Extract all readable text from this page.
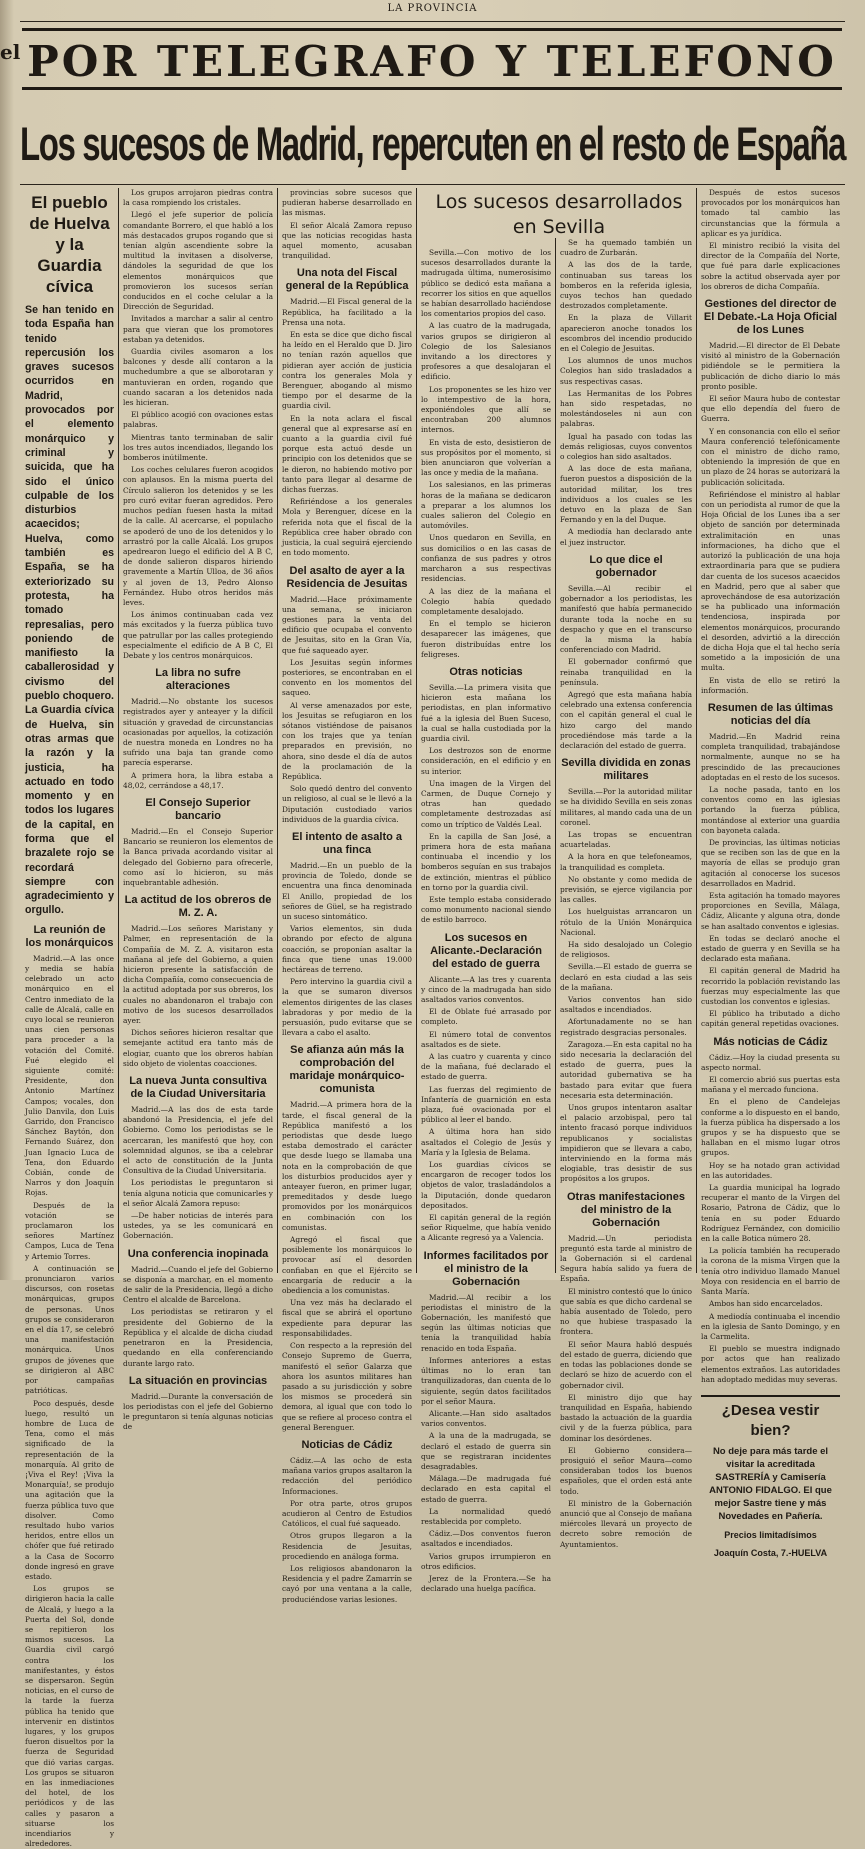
LA PROVINCIA
el POR TELEGRAFO Y TELEFONO
Los sucesos de Madrid, repercuten en el resto de España
El pueblo de Huelva y la Guardia cívica

Se han tenido en toda España han tenido repercusión los graves sucesos ocurridos en Madrid, provocados por el elemento monárquico y criminal y suicida, que ha sido el único culpable de los disturbios acaecidos; Huelva, como también es España, se ha exteriorizado su protesta, ha tomado represalias, pero poniendo de manifiesto la caballerosidad y civismo del pueblo choquero. La Guardia cívica de Huelva, sin otras armas que la razón y la justicia, ha actuado en todo momento y en todos los lugares de la capital, en forma que el brazalete rojo se recordará siempre con agradecimiento y orgullo.

La reunión de los monárquicos

Madrid.—A las once y media se había celebrado un acto monárquico en el Centro inmediato de la calle de Alcalá, calle en cuyo local se reunieron unas cien personas para proceder a la votación del Comité. Fué elegido el siguiente comité: Presidente, don Antonio Martínez Campos; vocales, don Julio Danvila, don Luis Garrido, don Francisco Sánchez Baytón, don Fernando Suárez, don Juan Ignacio Luca de Tena, don Eduardo Cobián, conde de Narros y don Joaquín Rojas.

Después de la votación se proclamaron los señores Martínez Campos, Luca de Tena y Artemio Torres.

A continuación se pronunciaron varios discursos, con rosetas monárquicas, grupos de personas. Unos grupos se consideraron en el día 17, se celebró una manifestación monárquica. Unos grupos de jóvenes que se dirigieron al ABC por campañas patrióticas.

Poco después, desde luego, resultó un hombre de Luca de Tena, como el más significado de la representación de la monarquía. Al grito de ¡Viva el Rey! ¡Viva la Monarquía!, se produjo una agitación que la fuerza pública tuvo que disolver. Como resultado hubo varios heridos, entre ellos un chófer que fué retirado a la Casa de Socorro donde ingresó en grave estado.

Los grupos se dirigieron hacia la calle de Alcalá, y luego a la Puerta del Sol, donde se repitieron los mismos sucesos. La Guardia civil cargó contra los manifestantes, y éstos se dispersaron. Según noticias, en el curso de la tarde la fuerza pública ha tenido que intervenir en distintos lugares, y los grupos fueron disueltos por la fuerza de Seguridad que dió varias cargas. Los grupos se situaron en las inmediaciones del hotel, de los periódicos y de las calles y pasaron a situarse los incendiarios y alrededores.

Los grupos arrojaron piedras contra la casa rompiendo los cristales.

Llegó el jefe superior de policía comandante Borrero, el que habló a los más destacados grupos rogando que si tenían algún ascendiente sobre la multitud la invitasen a disolverse, dándoles la seguridad de que los elementos monárquicos que promovieron los sucesos serían conducidos en el coche celular a la Dirección de Seguridad.

Invitados a marchar a salir al centro para que vieran que los promotores estaban ya detenidos.

Guardia civiles asomaron a los balcones y desde allí contaron a la muchedumbre a que se alborotaran y mantuvieran en orden, rogando que cuando sacaran a los detenidos nada les hicieran.

El público acogió con ovaciones estas palabras.

Mientras tanto terminaban de salir los tres autos incendiados, llegando los bomberos inútilmente.

Los coches celulares fueron acogidos con aplausos. En la misma puerta del Círculo salieron los detenidos y se les pro curó evitar fueran agredidos. Pero muchos pedían fuesen hasta la mitad de la calle. Al acercarse, el populacho se apoderó de uno de los detenidos y lo arrastró por la calle Alcalá. Los grupos apedrearon luego el edificio del A B C, de donde salieron disparos hiriendo gravemente a Martín Ulloa, de 36 años y al joven de 13, Pedro Alonso Fernández. Hubo otros heridos más leves.

Los ánimos continuaban cada vez más excitados y la fuerza pública tuvo que patrullar por las calles protegiendo especialmente el edificio de A B C, El Debate y los centros monárquicos.

La libra no sufre alteraciones

Madrid.—No obstante los sucesos registrados ayer y anteayer y la difícil situación y gravedad de circunstancias ocasionadas por aquellos, la cotización de nuestra moneda en Londres no ha sufrido una baja tan grande como parecía esperarse.

A primera hora, la libra estaba a 48,02, cerrándose a 48,17.

El Consejo Superior bancario

Madrid.—En el Consejo Superior Bancario se reunieron los elementos de la Banca privada acordando visitar al delegado del Gobierno para ofrecerle, como así lo hicieron, su más inquebrantable adhesión.

La actitud de los obreros de M. Z. A.

Madrid.—Los señores Maristany y Palmer, en representación de la Compañía de M. Z. A. visitaron esta mañana al jefe del Gobierno, a quien hicieron presente la satisfacción de dicha Compañía, como consecuencia de la actitud adoptada por sus obreros, los cuales no abandonaron el trabajo con motivo de los sucesos desarrollados ayer.

Dichos señores hicieron resaltar que semejante actitud era tanto más de elogiar, cuanto que los obreros habían sido objeto de violentas coacciones.

La nueva Junta consultiva de la Ciudad Universitaria

Madrid.—A las dos de esta tarde abandonó la Presidencia, el jefe del Gobierno. Como los periodistas se le acercaran, les manifestó que hoy, con solemnidad algunos, se iba a celebrar el acto de constitución de la Junta Consultiva de la Ciudad Universitaria.

Los periodistas le preguntaron si tenía alguna noticia que comunicarles y el señor Alcalá Zamora repuso:

—De haber noticias de interés para ustedes, ya se les comunicará en Gobernación.

Una conferencia inopinada

Madrid.—Cuando el jefe del Gobierno se disponía a marchar, en el momento de salir de la Presidencia, llegó a dicho Centro el alcalde de Barcelona.

Los periodistas se retiraron y el presidente del Gobierno de la República y el alcalde de dicha ciudad penetraron en la Presidencia, quedando en ella conferenciando durante largo rato.

La situación en provincias

Madrid.—Durante la conversación de los periodistas con el jefe del Gobierno le preguntaron si tenía algunas noticias de

provincias sobre sucesos que pudieran haberse desarrollado en las mismas.

El señor Alcalá Zamora repuso que las noticias recogidas hasta aquel momento, acusaban tranquilidad.

Una nota del Fiscal general de la República

Madrid.—El Fiscal general de la República, ha facilitado a la Prensa una nota.

En esta se dice que dicho fiscal ha leído en el Heraldo que D. Jiro no tenían razón aquellos que pidieran ayer acción de justicia contra los generales Mola y Berenguer, abogando al mismo tiempo por el desarme de la guardia civil.

En la nota aclara el fiscal general que al expresarse así en cuanto a la guardia civil fué porque esta actuó desde un principio con los detenidos que se le dieron, no habiendo motivo por tanto para llegar al desarme de dichas fuerzas.

Refiriéndose a los generales Mola y Berenguer, dícese en la referida nota que el fiscal de la República cree haber obrado con justicia, la cual seguirá ejerciendo en todo momento.

Del asalto de ayer a la Residencia de Jesuitas

Madrid.—Hace próximamente una semana, se iniciaron gestiones para la venta del edificio que ocupaba el convento de Jesuitas, sito en la Gran Vía, que fué saqueado ayer.

Los Jesuitas según informes posteriores, se encontraban en el convento en los momentos del saqueo.

Al verse amenazados por este, los Jesuitas se refugiaron en los sótanos vistiéndose de paisanos con los trajes que ya tenían preparados en previsión, no ahora, sino desde el día de autos de la proclamación de la República.

Solo quedó dentro del convento un religioso, al cual se le llevó a la Diputación custodiado varios individuos de la guardia cívica.

El intento de asalto a una finca

Madrid.—En un pueblo de la provincia de Toledo, donde se encuentra una finca denominada El Anillo, propiedad de los señores de Güel, se ha registrado un suceso sintomático.

Varios elementos, sin duda obrando por efecto de alguna coacción, se proponían asaltar la finca que tiene unas 19.000 hectáreas de terreno.

Pero intervino la guardia civil a la que se sumaron diversos elementos dirigentes de las clases labradoras y por medio de la persuasión, pudo evitarse que se llevara a cabo el asalto.

Se afianza aún más la comprobación del maridaje monárquico-comunista

Madrid.—A primera hora de la tarde, el fiscal general de la República manifestó a los periodistas que desde luego estaba demostrado el carácter que desde luego se llamaba una nota en la comprobación de que los disturbios producidos ayer y anteayer fueron, en primer lugar, premeditados y desde luego promovidos por los monárquicos en combinación con los comunistas.

Agregó el fiscal que posiblemente los monárquicos lo provocar así el desorden confiaban en que el Ejército se encargaría de reducir a la obediencia a los comunistas.

Una vez más ha declarado el fiscal que se abrirá el oportuno expediente para depurar las responsabilidades.

Con respecto a la represión del Consejo Supremo de Guerra, manifestó el señor Galarza que ahora los asuntos militares han pasado a su jurisdicción y sobre los mismos se procederá sin demora, al igual que con todo lo que se refiere al proceso contra el general Berenguer.

Noticias de Cádiz

Cádiz.—A las ocho de esta mañana varios grupos asaltaron la redacción del periódico Informaciones.

Por otra parte, otros grupos acudieron al Centro de Estudios Católicos, el cual fué saqueado.

Otros grupos llegaron a la Residencia de Jesuitas, procediendo en análoga forma.

Los religiosos abandonaron la Residencia y el padre Zamarrín se cayó por una ventana a la calle, produciéndose varias lesiones.

Los sucesos desarrollados en Sevilla

Sevilla.—Con motivo de los sucesos desarrollados durante la madrugada última, numerosísimo público se dedicó esta mañana a recorrer los sitios en que aquellos se habían desarrollado haciéndose los comentarios propios del caso.

A las cuatro de la madrugada, varios grupos se dirigieron al Colegio de los Salesianos invitando a los directores y profesores a que desalojaran el edificio.

Los proponentes se les hizo ver lo intempestivo de la hora, exponiéndoles que allí se encontraban 200 alumnos internos.

En vista de esto, desistieron de sus propósitos por el momento, si bien anunciaron que volverían a las once y media de la mañana.

Los salesianos, en las primeras horas de la mañana se dedicaron a preparar a los alumnos los cuales salieron del Colegio en automóviles.

Unos quedaron en Sevilla, en sus domicilios o en las casas de confianza de sus padres y otros marcharon a sus respectivas residencias.

A las diez de la mañana el Colegio había quedado completamente desalojado.

En el templo se hicieron desaparecer las imágenes, que fueron distribuídas entre los feligreses.

Otras noticias

Sevilla.—La primera visita que hicieron esta mañana los periodistas, en plan informativo fué a la iglesia del Buen Suceso, la cual se halla custodiada por la guardia civil.

Los destrozos son de enorme consideración, en el edificio y en su interior.

Una imagen de la Virgen del Carmen, de Duque Cornejo y otras han quedado completamente destrozadas así como un tríptico de Valdés Leal.

En la capilla de San José, a primera hora de esta mañana continuaba el incendio y los bomberos seguían en sus trabajos de extinción, mientras el público en torno por la guardia civil.

Este templo estaba considerado como monumento nacional siendo de estilo barroco.

Los sucesos en Alicante.-Declaración del estado de guerra

Alicante.—A las tres y cuarenta y cinco de la madrugada han sido asaltados varios conventos.

El de Oblate fué arrasado por completo.

El número total de conventos asaltados es de siete.

A las cuatro y cuarenta y cinco de la mañana, fué declarado el estado de guerra.

Las fuerzas del regimiento de Infantería de guarnición en esta plaza, fué ovacionada por el público al leer el bando.

A última hora han sido asaltados el Colegio de Jesús y María y la Iglesia de Belama.

Los guardias cívicos se encargaron de recoger todos los objetos de valor, trasladándolos a la Diputación, donde quedaron depositados.

El capitán general de la región señor Riquelme, que había venido a Alicante regresó ya a Valencia.

Informes facilitados por el ministro de la Gobernación

Madrid.—Al recibir a los periodistas el ministro de la Gobernación, les manifestó que según las últimas noticias que tenía la tranquilidad había renacido en toda España.

Informes anteriores a estas últimas no lo eran tan tranquilizadoras, dan cuenta de lo siguiente, según datos facilitados por el señor Maura.

Alicante.—Han sido asaltados varios conventos.

A la una de la madrugada, se declaró el estado de guerra sin que se registraran incidentes desagradables.

Málaga.—De madrugada fué declarado en esta capital el estado de guerra.

La normalidad quedó restablecida por completo.

Cádiz.—Dos conventos fueron asaltados e incendiados.

Varios grupos irrumpieron en otros edificios.

Jerez de la Frontera.—Se ha declarado una huelga pacífica.

Se ha quemado también un cuadro de Zurbarán.

A las dos de la tarde, continuaban sus tareas los bomberos en la referida iglesia, cuyos techos han quedado destrozados completamente.

En la plaza de Villarit aparecieron anoche tonados los escombros del incendio producido en el Colegio de Jesuitas.

Los alumnos de unos muchos Colegios han sido trasladados a sus respectivas casas.

Las Hermanitas de los Pobres han sido respetadas, no molestándoseles ni aun con palabras.

Igual ha pasado con todas las demás religiosas, cuyos conventos o colegios han sido asaltados.

A las doce de esta mañana, fueron puestos a disposición de la autoridad militar, los tres individuos a los cuales se les detuvo en la plaza de San Fernando y en la del Duque.

A mediodía han declarado ante el juez instructor.

Lo que dice el gobernador

Sevilla.—Al recibir el gobernador a los periodistas, les manifestó que había permanecido durante toda la noche en su despacho y que en el transcurso de la misma la había conferenciado con Madrid.

El gobernador confirmó que reinaba tranquilidad en la península.

Agregó que esta mañana había celebrado una extensa conferencia con el capitán general el cual le hizo cargo del mando procediéndose más tarde a la declaración del estado de guerra.

Sevilla dividida en zonas militares

Sevilla.—Por la autoridad militar se ha dividido Sevilla en seis zonas militares, al mando cada una de un coronel.

Las tropas se encuentran acuarteladas.

A la hora en que telefoneamos, la tranquilidad es completa.

No obstante y como medida de previsión, se ejerce vigilancia por las calles.

Los huelguistas arrancaron un rótulo de la Unión Monárquica Nacional.

Ha sido desalojado un Colegio de religiosos.

Sevilla.—El estado de guerra se declaró en esta ciudad a las seis de la mañana.

Varios conventos han sido asaltados e incendiados.

Afortunadamente no se han registrado desgracias personales.

Zaragoza.—En esta capital no ha sido necesaria la declaración del estado de guerra, pues la autoridad gubernativa se ha bastado para evitar que fuera necesaria esta determinación.

Unos grupos intentaron asaltar el palacio arzobispal, pero tal intento fracasó porque individuos republicanos y socialistas impidieron que se llevara a cabo, interviniendo en la forma más elogiable, tras desistir de sus propósitos a los grupos.

Otras manifestaciones del ministro de la Gobernación

Madrid.—Un periodista preguntó esta tarde al ministro de la Gobernación si el cardenal Segura había salido ya fuera de España.

El ministro contestó que lo único que sabía es que dicho cardenal se había ausentado de Toledo, pero no que hubiese traspasado la frontera.

El señor Maura habló después del estado de guerra, diciendo que en todas las poblaciones donde se declaró se hizo de acuerdo con el gobernador civil.

El ministro dijo que hay tranquilidad en España, habiendo bastado la actuación de la guardia civil y de la fuerza pública, para dominar los desórdenes.

El Gobierno considera—prosiguió el señor Maura—como consideraban todos los buenos españoles, que el orden está ante todo.

El ministro de la Gobernación anunció que al Consejo de mañana miércoles llevará un proyecto de decreto sobre remoción de Ayuntamientos.

Después de estos sucesos provocados por los monárquicos han tomado tal cambio las circunstancias que la fórmula a aplicar es ya jurídica.

El ministro recibió la visita del director de la Compañía del Norte, que fué para darle explicaciones sobre la actitud observada ayer por los obreros de dicha Compañía.

Gestiones del director de El Debate.-La Hoja Oficial de los Lunes

Madrid.—El director de El Debate visitó al ministro de la Gobernación pidiéndole se le permitiera la publicación de dicho diario lo más pronto posible.

El señor Maura hubo de contestar que ello dependía del fuero de Guerra.

Y en consonancia con ello el señor Maura conferenció telefónicamente con el ministro de dicho ramo, obteniendo la impresión de que en un plazo de 24 horas se autorizará la publicación solicitada.

Refiriéndose el ministro al hablar con un periodista al rumor de que la Hoja Oficial de los Lunes iba a ser objeto de sanción por determinada extralimitación en unas informaciones, ha dicho que el autorizó la publicación de una hoja extraordinaria para que se pudiera dar cuenta de los sucesos acaecidos en Madrid, pero que al saber que aprovechándose de esa autorización se ha publicado una información tendenciosa, inspirada por elementos monárquicos, procurando el desorden, advirtió a la dirección de dicha Hoja que el tal hecho sería sometido a la imposición de una multa.

En vista de ello se retiró la información.

Resumen de las últimas noticias del día

Madrid.—En Madrid reina completa tranquilidad, trabajándose normalmente, aunque no se ha prescindido de las precauciones adoptadas en el resto de los sucesos.

La noche pasada, tanto en los conventos como en las iglesias portando la fuerza pública, montándose al exterior una guardia con bayoneta calada.

De provincias, las últimas noticias que se reciben son las de que en la mayoría de ellas se produjo gran agitación al conocerse los sucesos desarrollados en Madrid.

Esta agitación ha tomado mayores proporciones en Sevilla, Málaga, Cádiz, Alicante y alguna otra, donde se han asaltado conventos e iglesias.

En todas se declaró anoche el estado de guerra y en Sevilla se ha declarado esta mañana.

El capitán general de Madrid ha recorrido la población revistando las fuerzas muy especialmente las que custodian los conventos e iglesias.

El público ha tributado a dicho capitán general repetidas ovaciones.

Más noticias de Cádiz

Cádiz.—Hoy la ciudad presenta su aspecto normal.

El comercio abrió sus puertas esta mañana y el mercado funciona.

En el pleno de Candelejas conforme a lo dispuesto en el bando, la fuerza pública ha dispersado a los grupos y se ha dispuesto que se hallaban en el mismo lugar otros grupos.

Hoy se ha notado gran actividad en las autoridades.

La guardia municipal ha logrado recuperar el manto de la Virgen del Rosario, Patrona de Cádiz, que lo tenía en su poder Eduardo Rodríguez Fernández, con domicilio en la calle Botica número 28.

La policía también ha recuperado la corona de la misma Virgen que la tenía otro individuo llamado Manuel Moya con residencia en el barrio de Santa María.

Ambos han sido encarcelados.

A mediodía continuaba el incendio en la iglesia de Santo Domingo, y en la Carmelita.

El pueblo se muestra indignado por actos que han realizado elementos extraños. Las autoridades han adoptado medidas muy severas.

¿Desea vestir bien?
No deje para más tarde el visitar la acreditada SASTRERÍA y Camisería ANTONIO FIDALGO. El que mejor Sastre tiene y más Novedades en Pañería.
Precios limitadísimos
Joaquín Costa, 7.-HUELVA
